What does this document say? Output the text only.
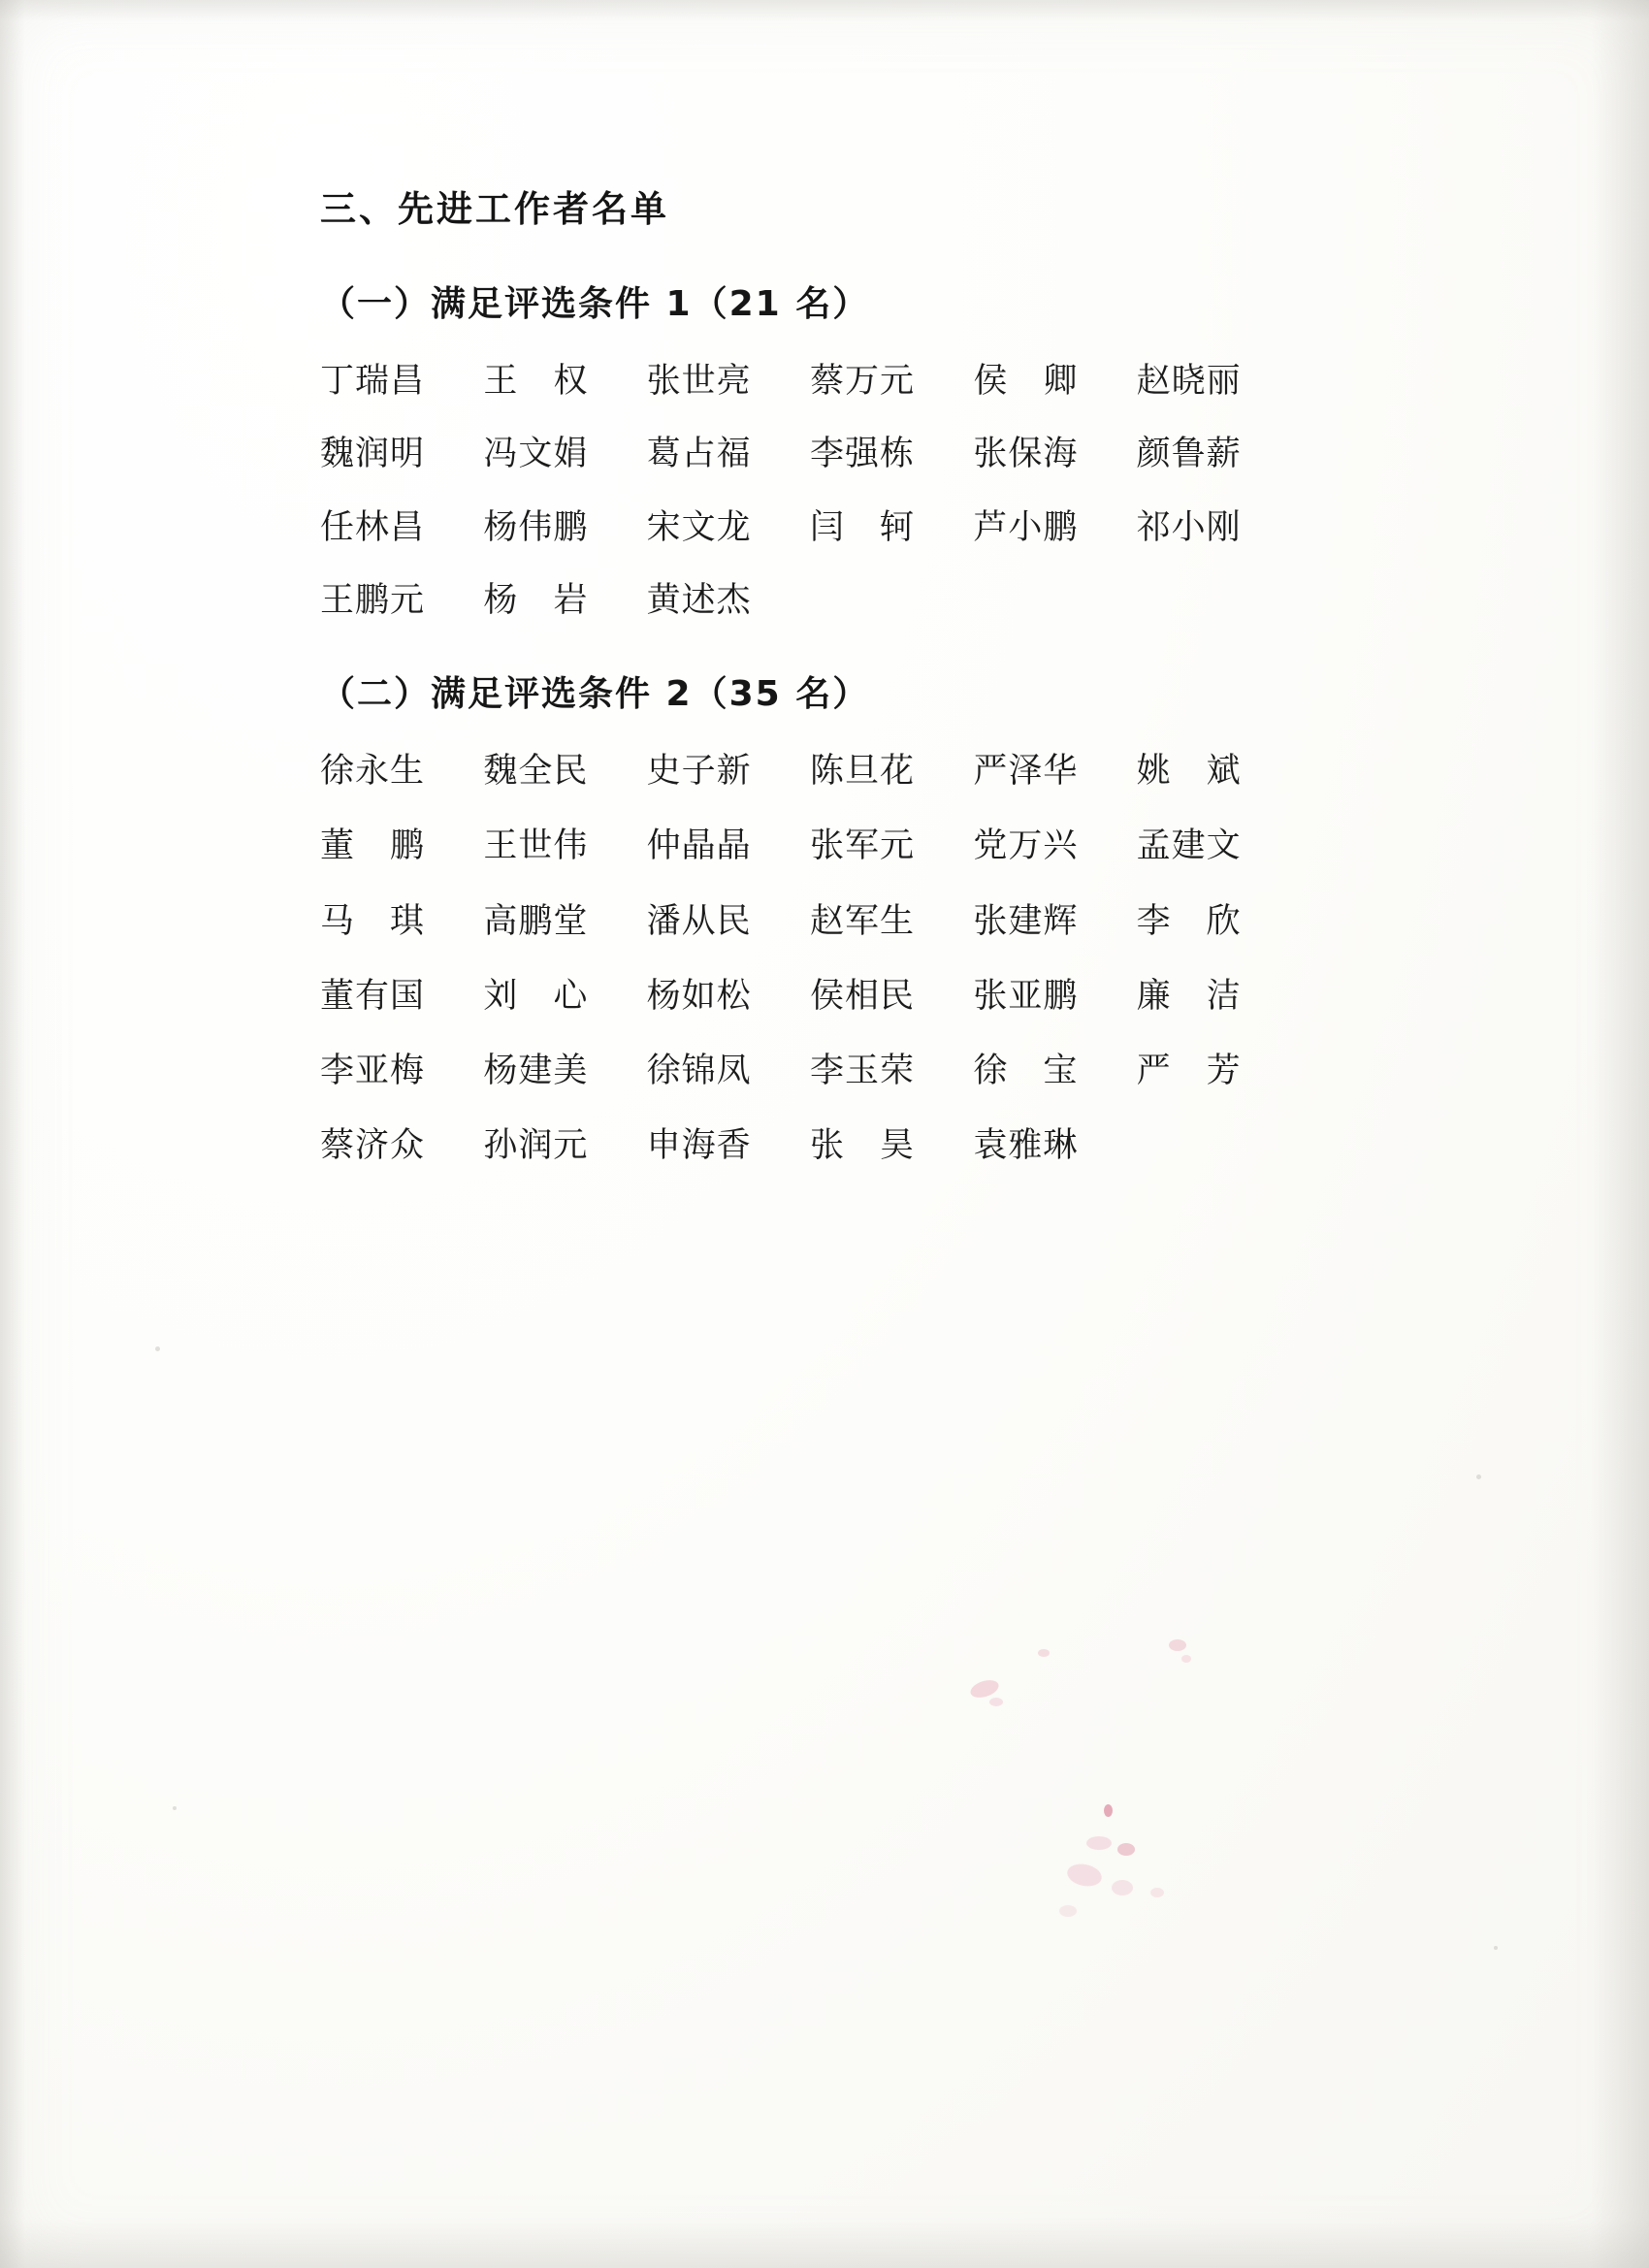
三、先进工作者名单
（一）满足评选条件 1（21 名）
丁瑞昌	王　权	张世亮	蔡万元	侯　卿	赵晓丽
魏润明	冯文娟	葛占福	李强栋	张保海	颜鲁薪
任林昌	杨伟鹏	宋文龙	闫　轲	芦小鹏	祁小刚
王鹏元	杨　岩	黄述杰
（二）满足评选条件 2（35 名）
徐永生	魏全民	史子新	陈旦花	严泽华	姚　斌
董　鹏	王世伟	仲晶晶	张军元	党万兴	孟建文
马　琪	高鹏堂	潘从民	赵军生	张建辉	李　欣
董有国	刘　心	杨如松	侯相民	张亚鹏	廉　洁
李亚梅	杨建美	徐锦凤	李玉荣	徐　宝	严　芳
蔡济众	孙润元	申海香	张　昊	袁雅琳
